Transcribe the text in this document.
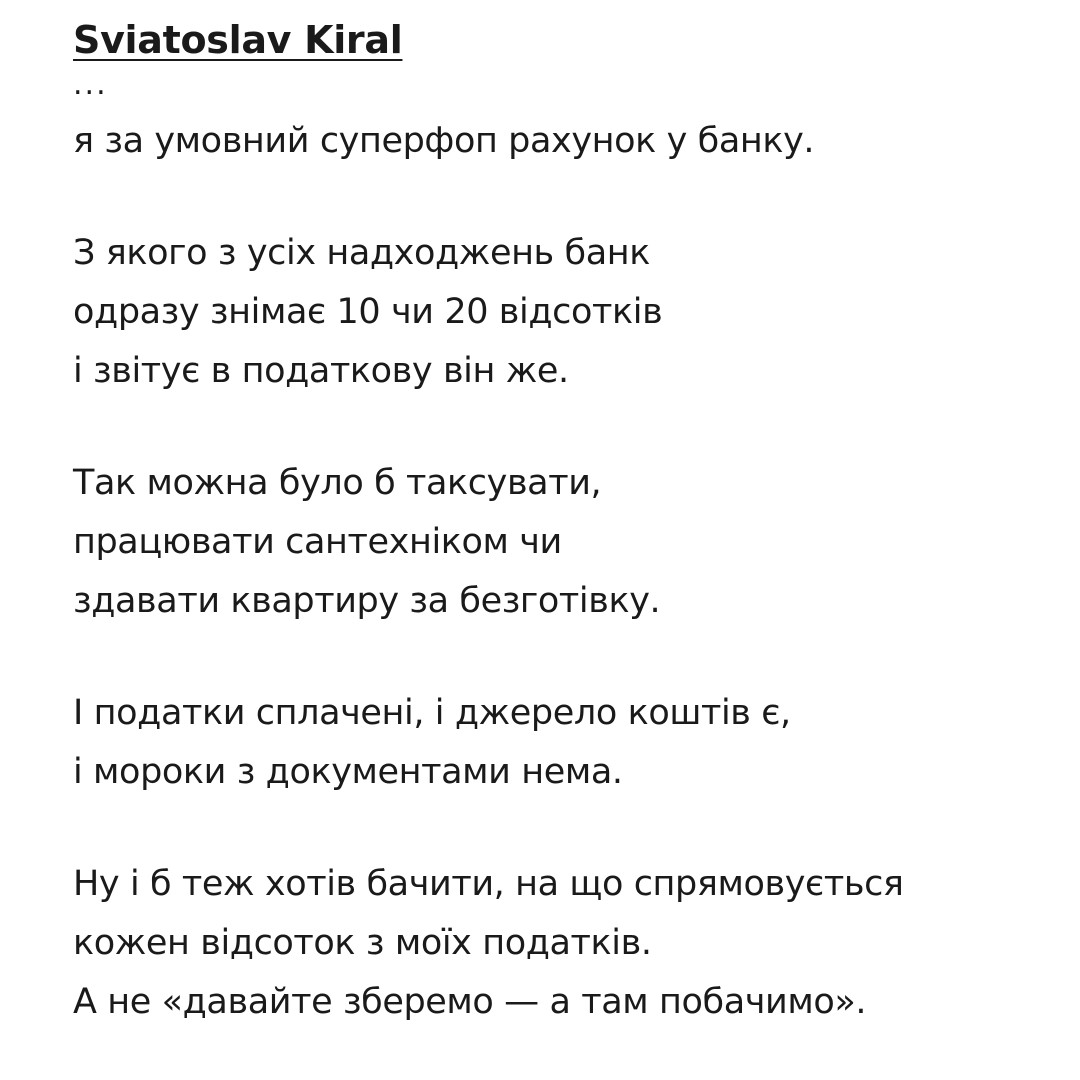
Sviatoslav Kiral
...
я за умовний суперфоп рахунок у банку.
З якого з усіх надходжень банк
одразу знімає 10 чи 20 відсотків
і звітує в податкову він же.
Так можна було б таксувати,
працювати сантехніком чи
здавати квартиру за безготівку.
І податки сплачені, і джерело коштів є,
і мороки з документами нема.
Ну і б теж хотів бачити, на що спрямовується
кожен відсоток з моїх податків.
А не «давайте зберемо — а там побачимо».
